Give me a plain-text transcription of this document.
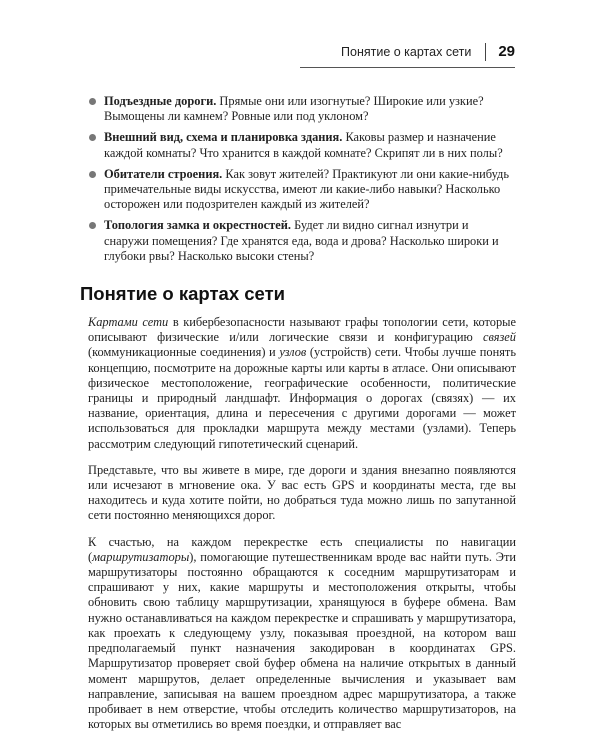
Понятие о картах сети	29
Подъездные дороги. Прямые они или изогнутые? Широкие или узкие? Вымощены ли камнем? Ровные или под уклоном?
Внешний вид, схема и планировка здания. Каковы размер и назначение каждой комнаты? Что хранится в каждой комнате? Скрипят ли в них полы?
Обитатели строения. Как зовут жителей? Практикуют ли они какие-нибудь примечательные виды искусства, имеют ли какие-либо навыки? Насколько осторожен или подозрителен каждый из жителей?
Топология замка и окрестностей. Будет ли видно сигнал изнутри и снаружи помещения? Где хранятся еда, вода и дрова? Насколько широки и глубоки рвы? Насколько высоки стены?
Понятие о картах сети

Картами сети в кибербезопасности называют графы топологии сети, которые описывают физические и/или логические связи и конфигурацию связей (коммуникационные соединения) и узлов (устройств) сети. Чтобы лучше понять концепцию, посмотрите на дорожные карты или карты в атласе. Они описывают физическое местоположение, географические особенности, политические границы и природный ландшафт. Информация о дорогах (связях) — их название, ориентация, длина и пересечения с другими дорогами — может использоваться для прокладки маршрута между местами (узлами). Теперь рассмотрим следующий гипотетический сценарий.

Представьте, что вы живете в мире, где дороги и здания внезапно появляются или исчезают в мгновение ока. У вас есть GPS и координаты места, где вы находитесь и куда хотите пойти, но добраться туда можно лишь по запутанной сети постоянно меняющихся дорог.

К счастью, на каждом перекрестке есть специалисты по навигации (маршрутизаторы), помогающие путешественникам вроде вас найти путь. Эти маршрутизаторы постоянно обращаются к соседним маршрутизаторам и спрашивают у них, какие маршруты и местоположения открыты, чтобы обновить свою таблицу маршрутизации, хранящуюся в буфере обмена. Вам нужно останавливаться на каждом перекрестке и спрашивать у маршрутизатора, как проехать к следующему узлу, показывая проездной, на котором ваш предполагаемый пункт назначения закодирован в координатах GPS. Маршрутизатор проверяет свой буфер обмена на наличие открытых в данный момент маршрутов, делает определенные вычисления и указывает вам направление, записывая на вашем проездном адрес маршрутизатора, а также пробивает в нем отверстие, чтобы отследить количество маршрутизаторов, на которых вы отметились во время поездки, и отправляет вас
